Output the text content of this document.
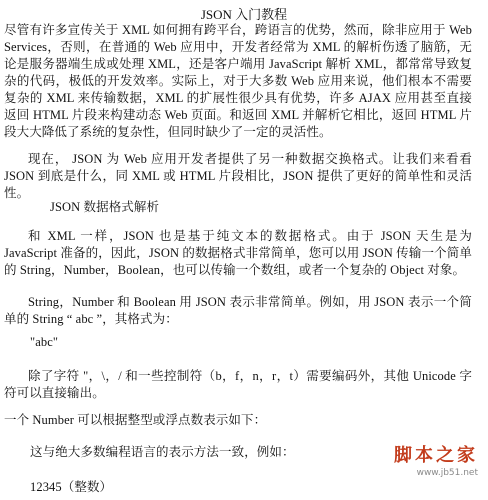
JSON 入门教程
尽管有许多宣传关于 XML 如何拥有跨平台，跨语言的优势，然而，除非应用于 Web Services，否则，在普通的 Web 应用中，开发者经常为 XML 的解析伤透了脑筋，无论是服务器端生成或处理 XML，还是客户端用 JavaScript 解析 XML，都常常导致复杂的代码，极低的开发效率。实际上，对于大多数 Web 应用来说，他们根本不需要复杂的 XML 来传输数据，XML 的扩展性很少具有优势，许多 AJAX 应用甚至直接返回 HTML 片段来构建动态 Web 页面。和返回 XML 并解析它相比，返回 HTML 片段大大降低了系统的复杂性，但同时缺少了一定的灵活性。
现在， JSON 为 Web 应用开发者提供了另一种数据交换格式。让我们来看看 JSON 到底是什么，同 XML 或 HTML 片段相比，JSON 提供了更好的简单性和灵活性。
JSON 数据格式解析
和 XML 一样，JSON 也是基于纯文本的数据格式。由于 JSON 天生是为 JavaScript 准备的，因此，JSON 的数据格式非常简单，您可以用 JSON 传输一个简单的 String，Number，Boolean，也可以传输一个数组，或者一个复杂的 Object 对象。
String，Number 和 Boolean 用 JSON 表示非常简单。例如，用 JSON 表示一个简单的 String “ abc ”，其格式为：
"abc"
除了字符 "，\，/ 和一些控制符（b，f，n，r，t）需要编码外，其他 Unicode 字符可以直接输出。
一个 Number 可以根据整型或浮点数表示如下：
这与绝大多数编程语言的表示方法一致，例如：
12345（整数）
脚本之家
www.jb51.net
